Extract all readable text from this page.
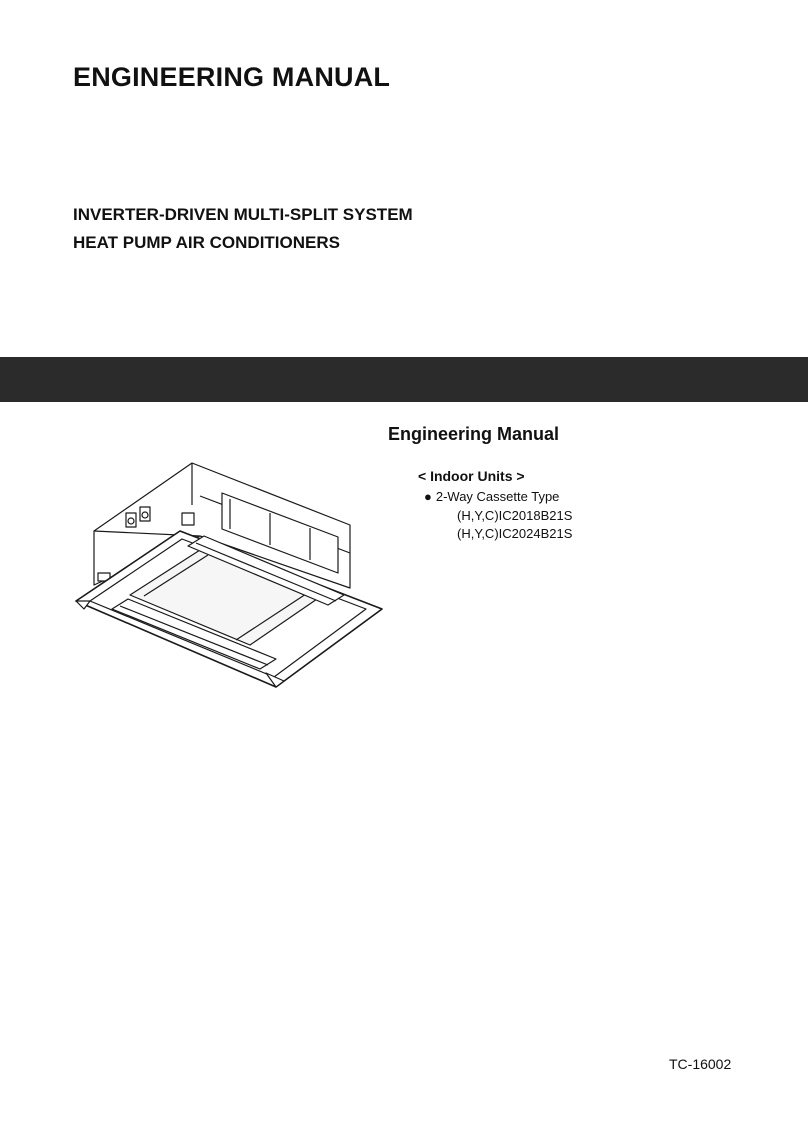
ENGINEERING MANUAL
INVERTER-DRIVEN MULTI-SPLIT SYSTEM
HEAT PUMP AIR CONDITIONERS
Engineering Manual
< Indoor Units >
● 2-Way Cassette Type
(H,Y,C)IC2018B21S
(H,Y,C)IC2024B21S
TC-16002
